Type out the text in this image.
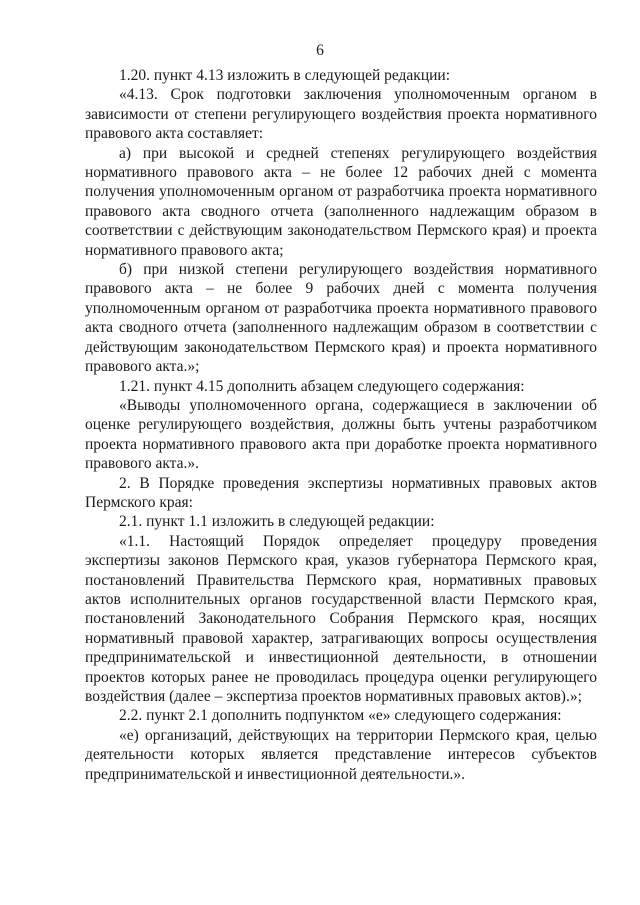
6

1.20. пункт 4.13 изложить в следующей редакции:

«4.13. Срок подготовки заключения уполномоченным органом в зависимости от степени регулирующего воздействия проекта нормативного правового акта составляет:

а) при высокой и средней степенях регулирующего воздействия нормативного правового акта – не более 12 рабочих дней с момента получения уполномоченным органом от разработчика проекта нормативного правового акта сводного отчета (заполненного надлежащим образом в соответствии с действующим законодательством Пермского края) и проекта нормативного правового акта;

б) при низкой степени регулирующего воздействия нормативного правового акта – не более 9 рабочих дней с момента получения уполномоченным органом от разработчика проекта нормативного правового акта сводного отчета (заполненного надлежащим образом в соответствии с действующим законодательством Пермского края) и проекта нормативного правового акта.»;

1.21. пункт 4.15 дополнить абзацем следующего содержания:

«Выводы уполномоченного органа, содержащиеся в заключении об оценке регулирующего воздействия, должны быть учтены разработчиком проекта нормативного правового акта при доработке проекта нормативного правового акта.».

2. В Порядке проведения экспертизы нормативных правовых актов Пермского края:

2.1. пункт 1.1 изложить в следующей редакции:

«1.1. Настоящий Порядок определяет процедуру проведения экспертизы законов Пермского края, указов губернатора Пермского края, постановлений Правительства Пермского края, нормативных правовых актов исполнительных органов государственной власти Пермского края, постановлений Законодательного Собрания Пермского края, носящих нормативный правовой характер, затрагивающих вопросы осуществления предпринимательской и инвестиционной деятельности, в отношении проектов которых ранее не проводилась процедура оценки регулирующего воздействия (далее – экспертиза проектов нормативных правовых актов).»;

2.2. пункт 2.1 дополнить подпунктом «е» следующего содержания:

«е) организаций, действующих на территории Пермского края, целью деятельности которых является представление интересов субъектов предпринимательской и инвестиционной деятельности.».
